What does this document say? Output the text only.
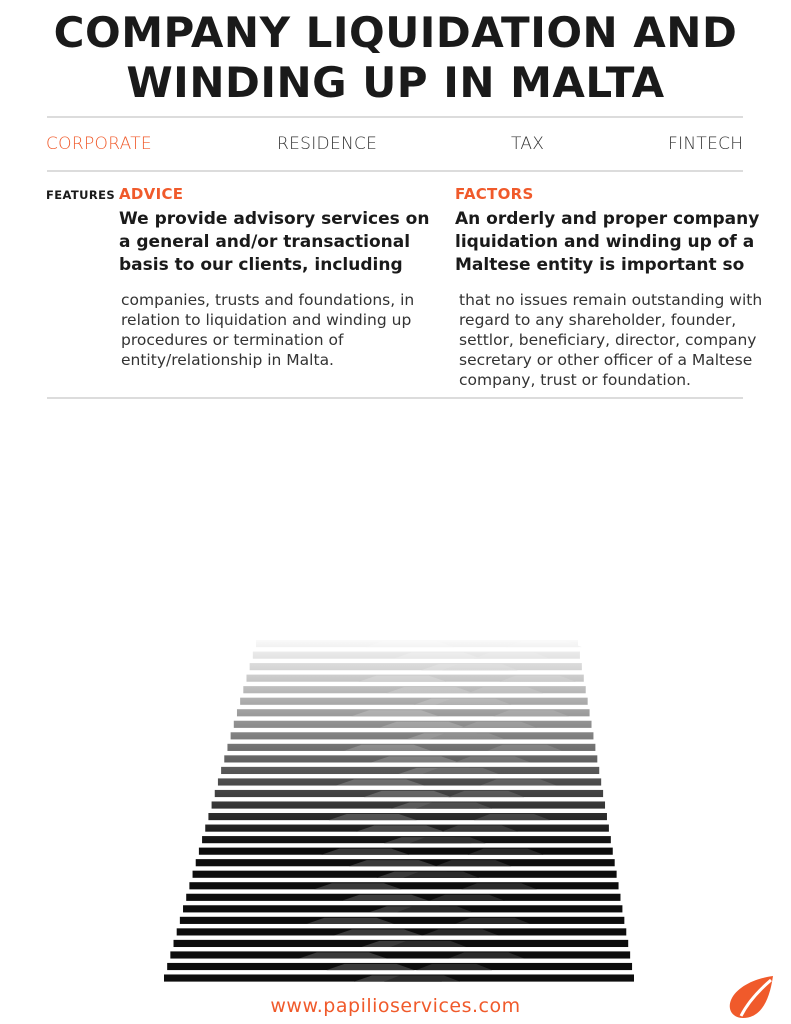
COMPANY LIQUIDATION AND
WINDING UP IN MALTA
CORPORATE	RESIDENCE	TAX	FINTECH
FEATURES ADVICE

We provide advisory services on
a general and/or transactional
basis to our clients, including

companies, trusts and foundations, in
relation to liquidation and winding up
procedures or termination of
entity/relationship in Malta.

FACTORS

An orderly and proper company
liquidation and winding up of a
Maltese entity is important so

that no issues remain outstanding with
regard to any shareholder, founder,
settlor, beneficiary, director, company
secretary or other officer of a Maltese
company, trust or foundation.

www.papilioservices.com
